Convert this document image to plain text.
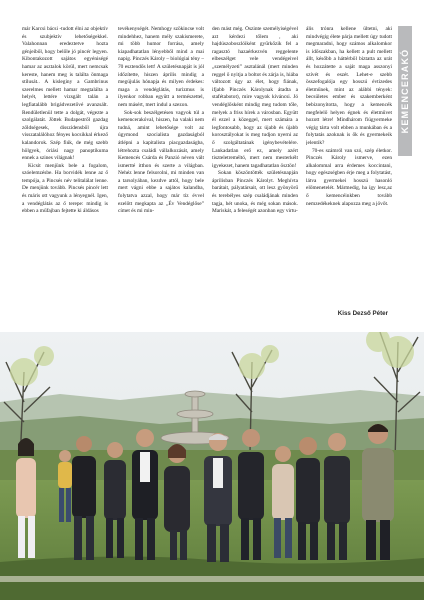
KEMENCERAKÓ

már Karcsi bácsi -tudott élni az objektív és szubjektív lehetőségekkel. Valahonnan eredeztetve hozta génjeiből, hogy belőle jó pincér legyen. Kibontakozott sajátos egyéniségé hamar az asztalok körül, mert nemcsak kereste, hanem meg is találta önmaga stílusát.. A kisleginy a Gambrinus szerelmes mellett hamar megtalálta a helyét, lettére vizsgált talán a legfiatalább brigádvezetővé avanzsált. Rendületlenül tette a dolgát, végezte a szolgálatát. Jöttek Budapestről gazdag zöldségesek, disszidensből újra visszatalálóhoz fényes kocsikkal érkező kalandorok. Szép fiúk, de még szebb hölgyek, óriási nagy panoptikuma ennek a szines világnak!

Kicsit menjünk bele a fogalom, szóelemzésbe. Ha borvidék lenne az ő tempója, a Pincsés név telitalálat lenne. De menjünk tovább. Pincsés pincér lett és máris ott vagyunk a lényegnél. Igen, a vendéglátás az ő terepe: mindig is ebben a műfajban fejtette ki áldásos

tevékenységét. Nemhogy szökincse volt mindehhez, hanem mély szakismerete, mi több humor forrása, amely kiapadhatatlan lényebből mind a mai napig. Pinczés Károly – biológiai tény – 70 esztendős lett! A születésnapját is jól időzítette, hiszen április mindig a megújulás hónapja és milyen érdekes: maga a vendéglátás, turizmus is ilyenkor robban együtt a természettel, nem másért, mert indul a szezon.

Sok-sok beszélgetésen vagyok túl a kemencerakóval, hiszen, ha valaki nem tudná, amint lehetősége volt az úgymond szocialista gazdaságból átlépni a kapitalista piacgazdaságba, létrehozta családi vállalkozását, amely Kemencés Csárda és Panzió néven vált ismertté itthon és szerte a világban. Nehéz lenne felsorolni, mi minden van a tarsolyában, kezdve attól, hogy bele mert vágni ebbe a sajátos kalandba, folytatva azzal, hogy már tíz évvel ezelőtt megkapta az „Év Vendéglőse” címet és mi min-

den mást még. Őszinte személyiségével azt kérdezi tőlem , aki hajdúszoboszlóiként gyűrkőzik fel a ragasztó hazaérkezvén reggelente elbeszélget vele vendégeivel „személyzeti” asztalánál (mert minden reggel ő nyitja a boltot és zárja is, hiába változott úgy az élet, hogy fiának, ifjabb Pinczés Károlynak átadta a stafétabotot), mire vagyok kíváncsi. Jó vendéglősként mindig meg tudom tőle, melyek a friss hírek a városban. Együtt él ezzel a közeggel, mert számára a legfontosabb, hogy az újabb és újabb korosztályokat is meg tudjon nyerni az ő szolgáltatának igénybevételére. Lankadatlan erő ez, amely azért tiszteletreméltó, mert nem mesterkélt igyekezet, hanem tagadhatatlan ösztön!

Sokan köszöntötték születésnapján áprilisban Pinczés Károlyt. Meghívta barátait, pályatársait, ott lesz gyönyörű és terebélyes szép családjának minden tagja, hét unoka, és még sokan mások. Mariskát, a feleségét azonban egy virtu-

ális trónra kellene ültetni, aki mindvégig élete párja mellett úgy tudott megmaradni, hogy számos alkalomkor is időszakban, ha kellett a pult mellett állt, később a háttérből biztatta az urát és hozzátette a saját maga asszonyi szívét és eszét. Lehet-e szebb összefogalója egy hosszú évtizedes életműnek, mint az alábbi tények: becsületes ember és szakemberként bebizonyította, hogy a kemencék megfelelő helyen égnek és életművet hozott létre! Mindhárom fiúgyermeke végig tárta volt ebben a munkában és a folytatás azoknak is ők és gyermekeik jelentik?

70-es számról van szó, szép életkor. Pinczés Károly ismerve, ezen alkalommal arra érdemes koccintani, hogy egészségben érje meg a folytatást, látva gyermekei hosszú hasonló előmenetelét. Mármedig, ha így lesz,az ő kemencéinkben tovább nemzedékeknek alapozza meg a jövőt.

Kiss Dezső Péter
